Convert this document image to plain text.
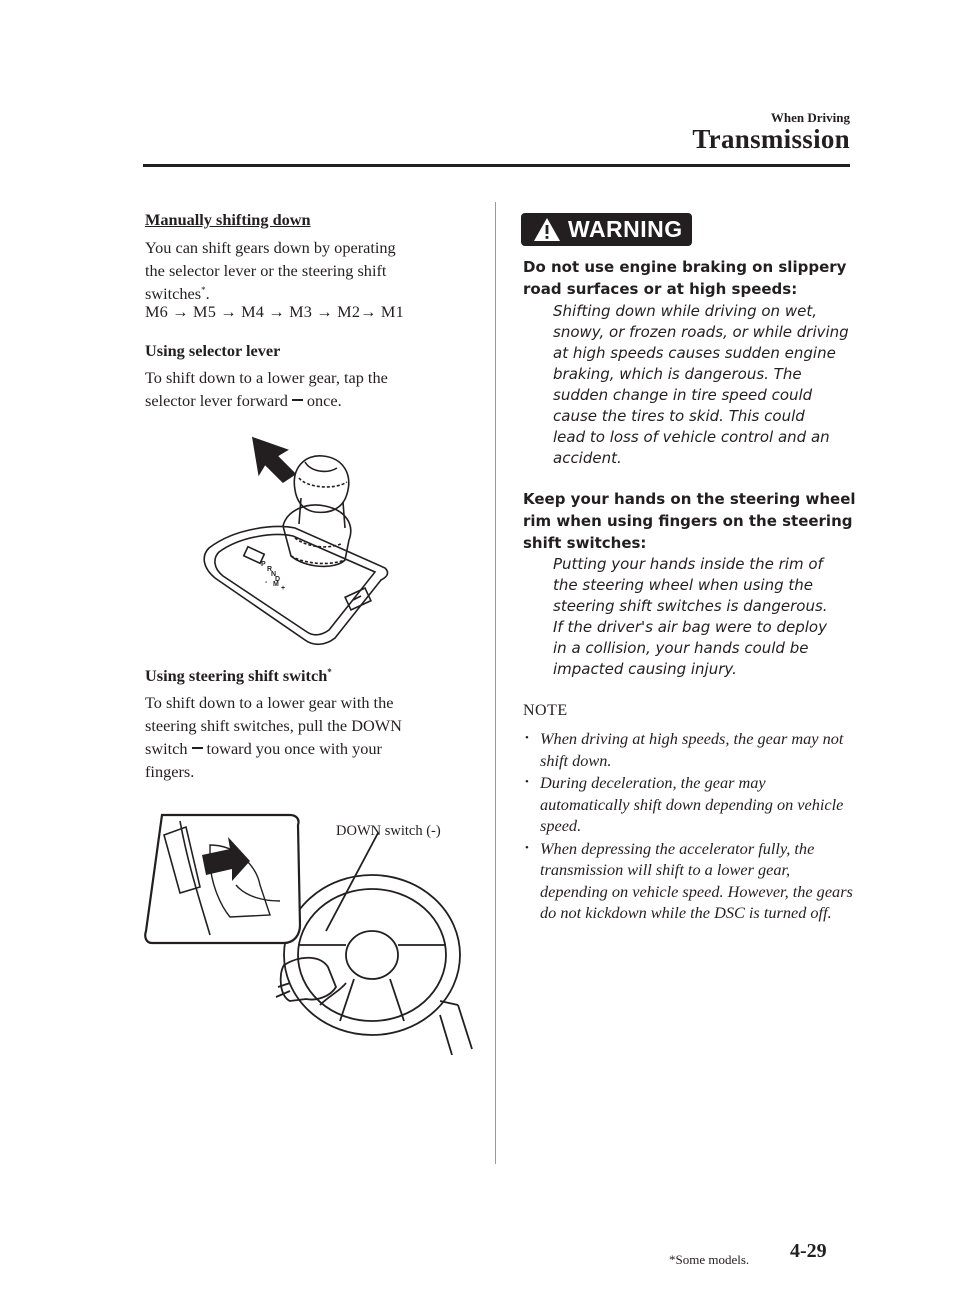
When Driving
Transmission
Manually shifting down
You can shift gears down by operating
the selector lever or the steering shift
switches*.
M6 → M5 → M4 → M3 → M2→ M1
Using selector lever
To shift down to a lower gear, tap the
selector lever forward once.
P
R
N
D
M
-
+
Using steering shift switch*
To shift down to a lower gear with the
steering shift switches, pull the DOWN
switch toward you once with your
fingers.
DOWN switch (-)
WARNING
Do not use engine braking on slippery
road surfaces or at high speeds:
Shifting down while driving on wet,
snowy, or frozen roads, or while driving
at high speeds causes sudden engine
braking, which is dangerous. The
sudden change in tire speed could
cause the tires to skid. This could
lead to loss of vehicle control and an
accident.
Keep your hands on the steering wheel
rim when using fingers on the steering
shift switches:
Putting your hands inside the rim of
the steering wheel when using the
steering shift switches is dangerous.
If the driver's air bag were to deploy
in a collision, your hands could be
impacted causing injury.
NOTE
• When driving at high speeds, the gear may not shift down.
• During deceleration, the gear may automatically shift down depending on vehicle speed.
• When depressing the accelerator fully, the transmission will shift to a lower gear, depending on vehicle speed. However, the gears do not kickdown while the DSC is turned off.
*Some models. 4-29
